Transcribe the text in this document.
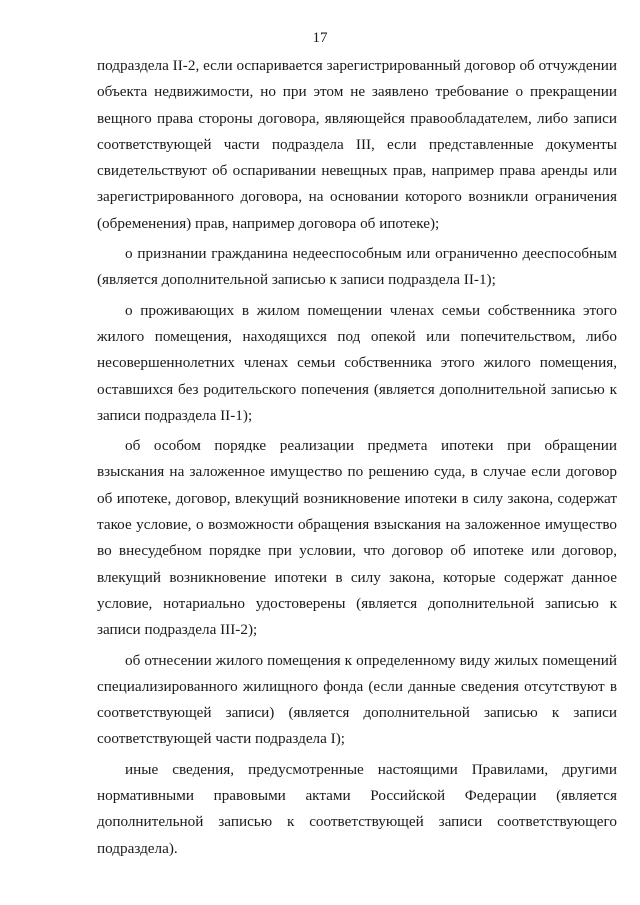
17

подраздела II-2, если оспаривается зарегистрированный договор об отчуждении объекта недвижимости, но при этом не заявлено требование о прекращении вещного права стороны договора, являющейся правообладателем, либо записи соответствующей части подраздела III, если представленные документы свидетельствуют об оспаривании невещных прав, например права аренды или зарегистрированного договора, на основании которого возникли ограничения (обременения) прав, например договора об ипотеке);

о признании гражданина недееспособным или ограниченно дееспособным (является дополнительной записью к записи подраздела II-1);

о проживающих в жилом помещении членах семьи собственника этого жилого помещения, находящихся под опекой или попечительством, либо несовершеннолетних членах семьи собственника этого жилого помещения, оставшихся без родительского попечения (является дополнительной записью к записи подраздела II-1);

об особом порядке реализации предмета ипотеки при обращении взыскания на заложенное имущество по решению суда, в случае если договор об ипотеке, договор, влекущий возникновение ипотеки в силу закона, содержат такое условие, о возможности обращения взыскания на заложенное имущество во внесудебном порядке при условии, что договор об ипотеке или договор, влекущий возникновение ипотеки в силу закона, которые содержат данное условие, нотариально удостоверены (является дополнительной записью к записи подраздела III-2);

об отнесении жилого помещения к определенному виду жилых помещений специализированного жилищного фонда (если данные сведения отсутствуют в соответствующей записи) (является дополнительной записью к записи соответствующей части подраздела I);

иные сведения, предусмотренные настоящими Правилами, другими нормативными правовыми актами Российской Федерации (является дополнительной записью к соответствующей записи соответствующего подраздела).
